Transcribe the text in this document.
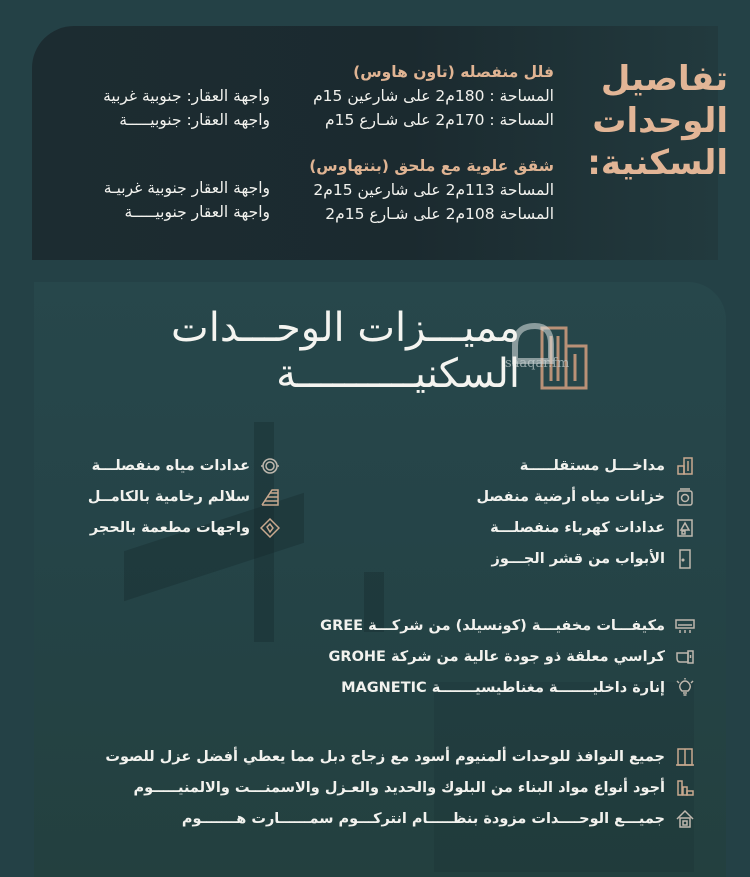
تفاصيل
الوحدات
السكنية:
فلل منفصله (تاون هاوس)
المساحة : 180م2 على شارعين 15م
المساحة : 170م2 على شـارع 15م
واجهة العقار: جنوبية غربية
واجهه العقار: جنوبيـــــة
شقق علوية مع ملحق (بنتهاوس)
المساحة 113م2 على شارعين 15م2
المساحة 108م2 على شـارع 15م2
واجهة العقار جنوبية غربيـة
واجهة العقار جنوبيـــــة
saaqar.fm
مميـــزات الوحـــدات
السكنيــــــــــة
مداخـــل مستقلـــــة
خزانات مياه أرضية منفصل
عدادات كهرباء منفصلـــة
الأبواب من قشر الجـــوز
عدادات مياه منفصلـــة
سلالم رخامية بالكامــل
واجهات مطعمة بالحجر
مكيفـــات مخفيـــة (كونسيلد) من شركـــة GREE
كراسي معلقة ذو جودة عالية من شركة GROHE
إنارة داخليـــــــة مغناطيسيـــــــة MAGNETIC
جميع النوافذ للوحدات ألمنيوم أسود مع زجاج دبل مما يعطي أفضل عزل للصوت
أجود أنواع مواد البناء من البلوك والحديد والعـزل والاسمنـــت والالمنيـــــوم
جميـــع الوحــــدات مزودة بنظـــــام انتركـــوم سمــــــارت هـــــــوم
